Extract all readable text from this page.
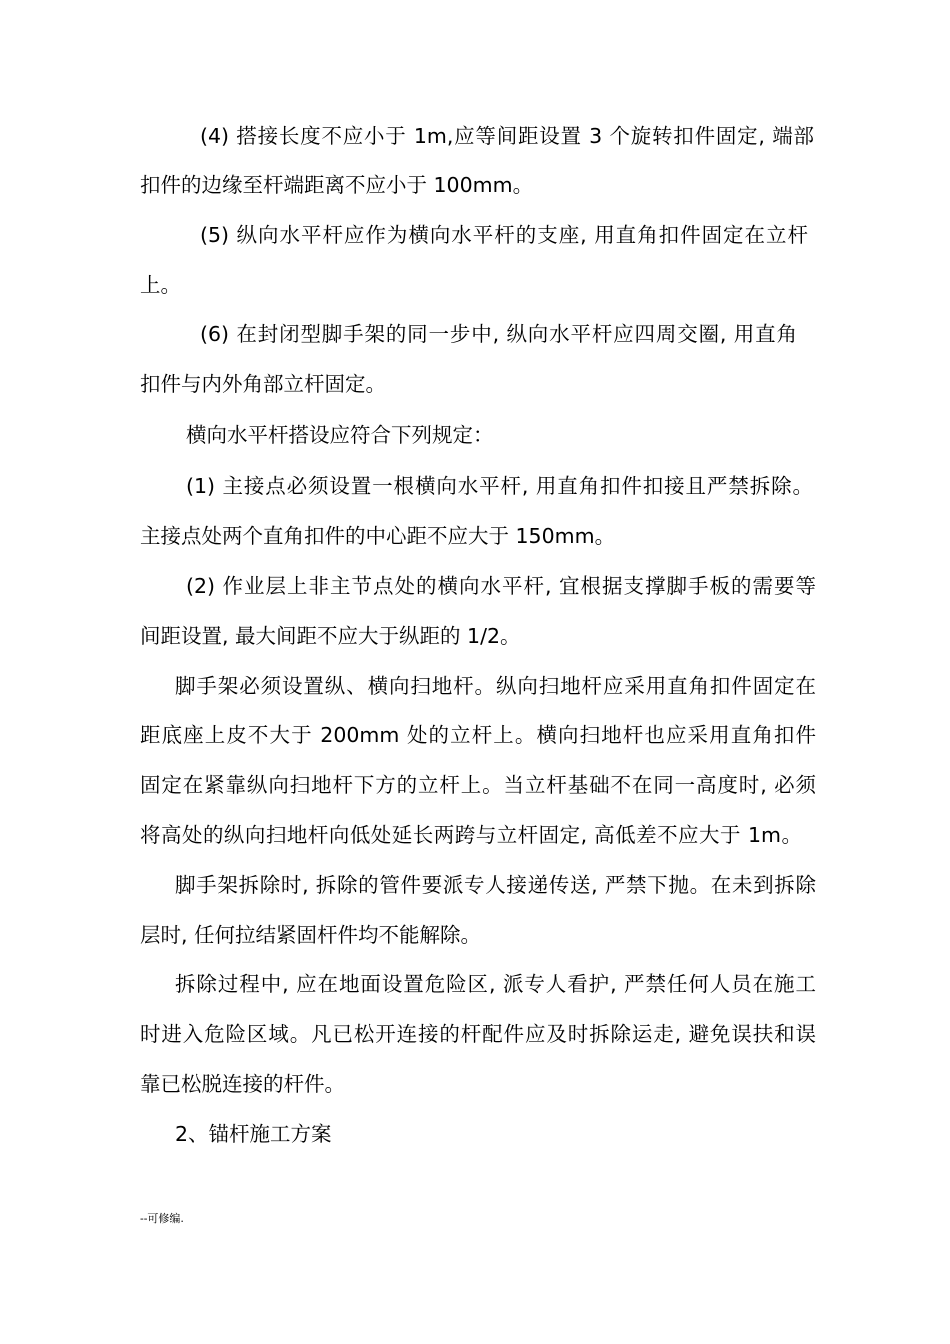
(4) 搭接长度不应小于 1m,应等间距设置 3 个旋转扣件固定, 端部
扣件的边缘至杆端距离不应小于 100mm。
(5) 纵向水平杆应作为横向水平杆的支座, 用直角扣件固定在立杆
上。
(6) 在封闭型脚手架的同一步中, 纵向水平杆应四周交圈, 用直角
扣件与内外角部立杆固定。
横向水平杆搭设应符合下列规定：
(1) 主接点必须设置一根横向水平杆, 用直角扣件扣接且严禁拆除。
主接点处两个直角扣件的中心距不应大于 150mm。
(2) 作业层上非主节点处的横向水平杆, 宜根据支撑脚手板的需要等
间距设置, 最大间距不应大于纵距的 1/2。
脚手架必须设置纵、横向扫地杆。纵向扫地杆应采用直角扣件固定在
距底座上皮不大于 200mm 处的立杆上。横向扫地杆也应采用直角扣件
固定在紧靠纵向扫地杆下方的立杆上。当立杆基础不在同一高度时, 必须
将高处的纵向扫地杆向低处延长两跨与立杆固定, 高低差不应大于 1m。
脚手架拆除时, 拆除的管件要派专人接递传送, 严禁下抛。在未到拆除
层时, 任何拉结紧固杆件均不能解除。
拆除过程中, 应在地面设置危险区, 派专人看护, 严禁任何人员在施工
时进入危险区域。凡已松开连接的杆配件应及时拆除运走, 避免误扶和误
靠已松脱连接的杆件。
2、锚杆施工方案
--可修编.
